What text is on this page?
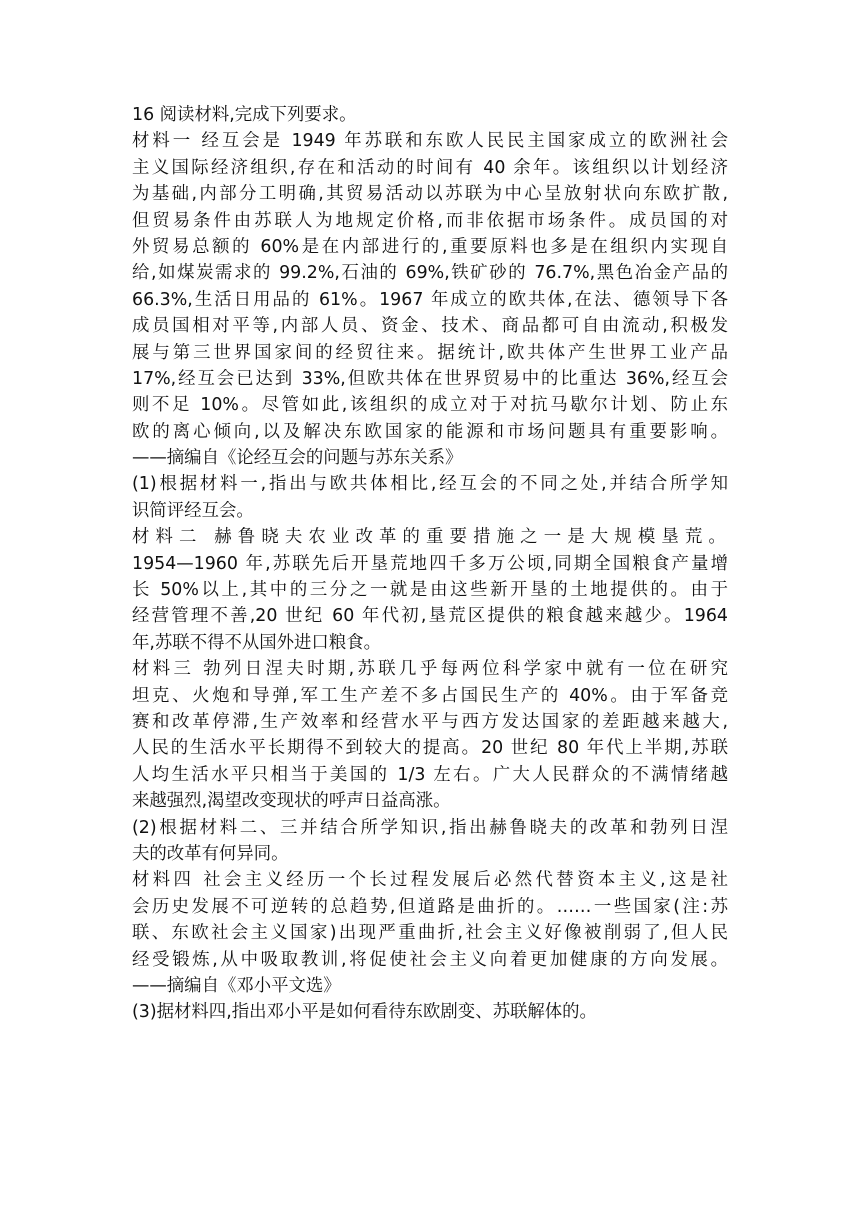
16 阅读材料,完成下列要求。
材料一 经互会是 1949 年苏联和东欧人民民主国家成立的欧洲社会
主义国际经济组织,存在和活动的时间有 40 余年。该组织以计划经济
为基础,内部分工明确,其贸易活动以苏联为中心呈放射状向东欧扩散,
但贸易条件由苏联人为地规定价格,而非依据市场条件。成员国的对
外贸易总额的 60%是在内部进行的,重要原料也多是在组织内实现自
给,如煤炭需求的 99.2%,石油的 69%,铁矿砂的 76.7%,黑色冶金产品的
66.3%,生活日用品的 61%。1967 年成立的欧共体,在法、德领导下各
成员国相对平等,内部人员、资金、技术、商品都可自由流动,积极发
展与第三世界国家间的经贸往来。据统计,欧共体产生世界工业产品
17%,经互会已达到 33%,但欧共体在世界贸易中的比重达 36%,经互会
则不足 10%。尽管如此,该组织的成立对于对抗马歇尔计划、防止东
欧的离心倾向,以及解决东欧国家的能源和市场问题具有重要影响。
——摘编自《论经互会的问题与苏东关系》
(1)根据材料一,指出与欧共体相比,经互会的不同之处,并结合所学知
识简评经互会。
材料二 赫鲁晓夫农业改革的重要措施之一是大规模垦荒。
1954—1960 年,苏联先后开垦荒地四千多万公顷,同期全国粮食产量增
长 50%以上,其中的三分之一就是由这些新开垦的土地提供的。由于
经营管理不善,20 世纪 60 年代初,垦荒区提供的粮食越来越少。1964
年,苏联不得不从国外进口粮食。
材料三 勃列日涅夫时期,苏联几乎每两位科学家中就有一位在研究
坦克、火炮和导弹,军工生产差不多占国民生产的 40%。由于军备竞
赛和改革停滞,生产效率和经营水平与西方发达国家的差距越来越大,
人民的生活水平长期得不到较大的提高。20 世纪 80 年代上半期,苏联
人均生活水平只相当于美国的 1/3 左右。广大人民群众的不满情绪越
来越强烈,渴望改变现状的呼声日益高涨。
(2)根据材料二、三并结合所学知识,指出赫鲁晓夫的改革和勃列日涅
夫的改革有何异同。
材料四 社会主义经历一个长过程发展后必然代替资本主义,这是社
会历史发展不可逆转的总趋势,但道路是曲折的。……一些国家(注:苏
联、东欧社会主义国家)出现严重曲折,社会主义好像被削弱了,但人民
经受锻炼,从中吸取教训,将促使社会主义向着更加健康的方向发展。
——摘编自《邓小平文选》
(3)据材料四,指出邓小平是如何看待东欧剧变、苏联解体的。
